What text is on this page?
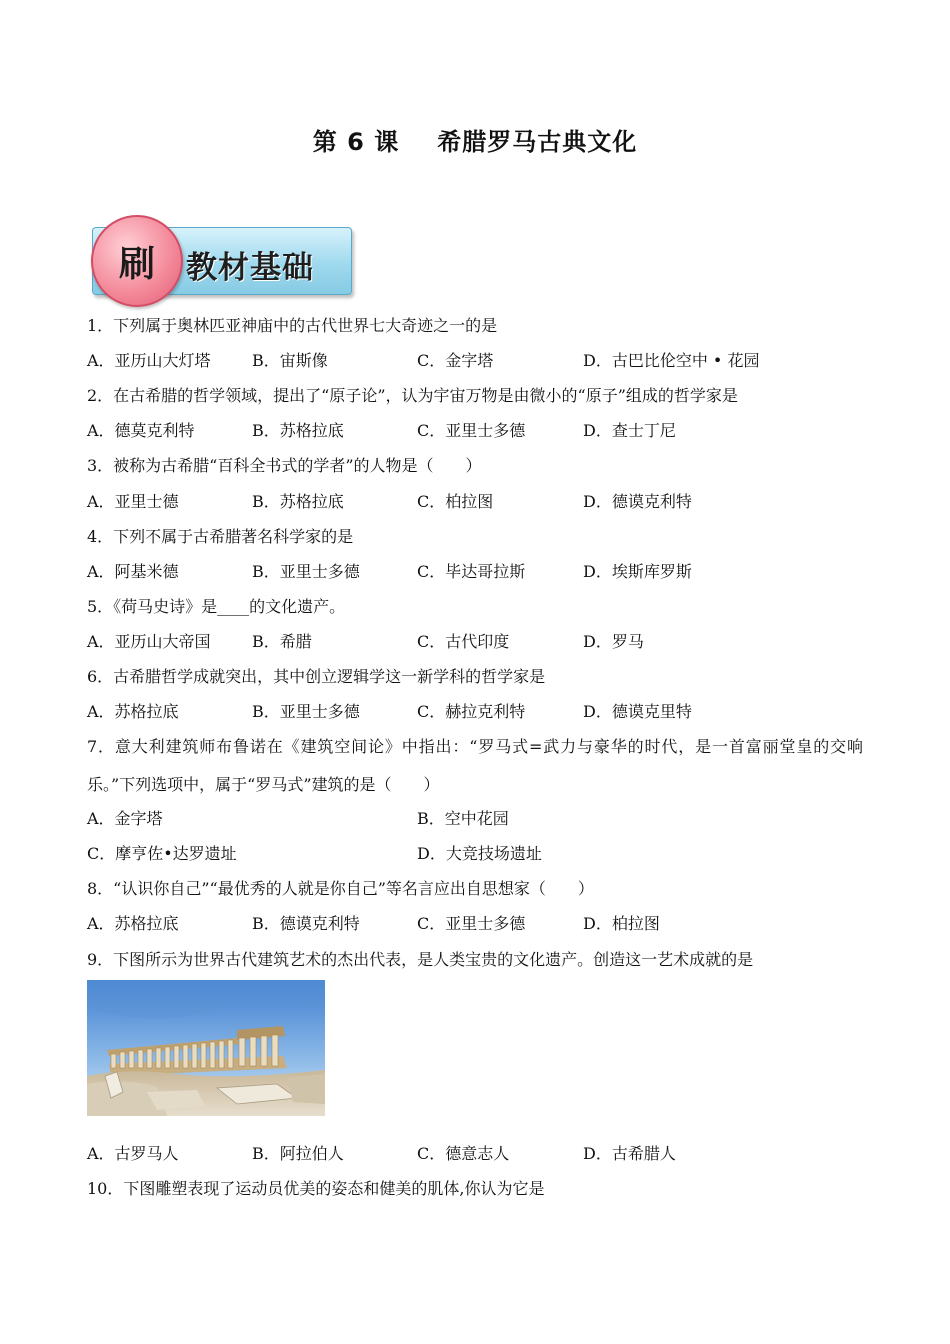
第 6 课 希腊罗马古典文化
刷 教材基础
1．下列属于奥林匹亚神庙中的古代世界七大奇迹之一的是
A．亚历山大灯塔	B．宙斯像	C．金字塔	D．古巴比伦空中 • 花园
2．在古希腊的哲学领域，提出了“原子论”，认为宇宙万物是由微小的“原子”组成的哲学家是
A．德莫克利特	B．苏格拉底	C．亚里士多德	D．查士丁尼
3．被称为古希腊“百科全书式的学者”的人物是（　　）
A．亚里士德	B．苏格拉底	C．柏拉图	D．德谟克利特
4．下列不属于古希腊著名科学家的是
A．阿基米德	B．亚里士多德	C．毕达哥拉斯	D．埃斯库罗斯
5．《荷马史诗》是____的文化遗产。
A．亚历山大帝国	B．希腊	C．古代印度	D．罗马
6．古希腊哲学成就突出，其中创立逻辑学这一新学科的哲学家是
A．苏格拉底	B．亚里士多德	C．赫拉克利特	D．德谟克里特
7．意大利建筑师布鲁诺在《建筑空间论》中指出：“罗马式=武力与豪华的时代，是一首富丽堂皇的交响乐。”下列选项中，属于“罗马式”建筑的是（　　）
A．金字塔	B．空中花园
C．摩亨佐•达罗遗址	D．大竞技场遗址
8．“认识你自己”“最优秀的人就是你自己”等名言应出自思想家（　　）
A．苏格拉底	B．德谟克利特	C．亚里士多德	D．柏拉图
9．下图所示为世界古代建筑艺术的杰出代表，是人类宝贵的文化遗产。创造这一艺术成就的是
A．古罗马人	B．阿拉伯人	C．德意志人	D．古希腊人
10．下图雕塑表现了运动员优美的姿态和健美的肌体,你认为它是
